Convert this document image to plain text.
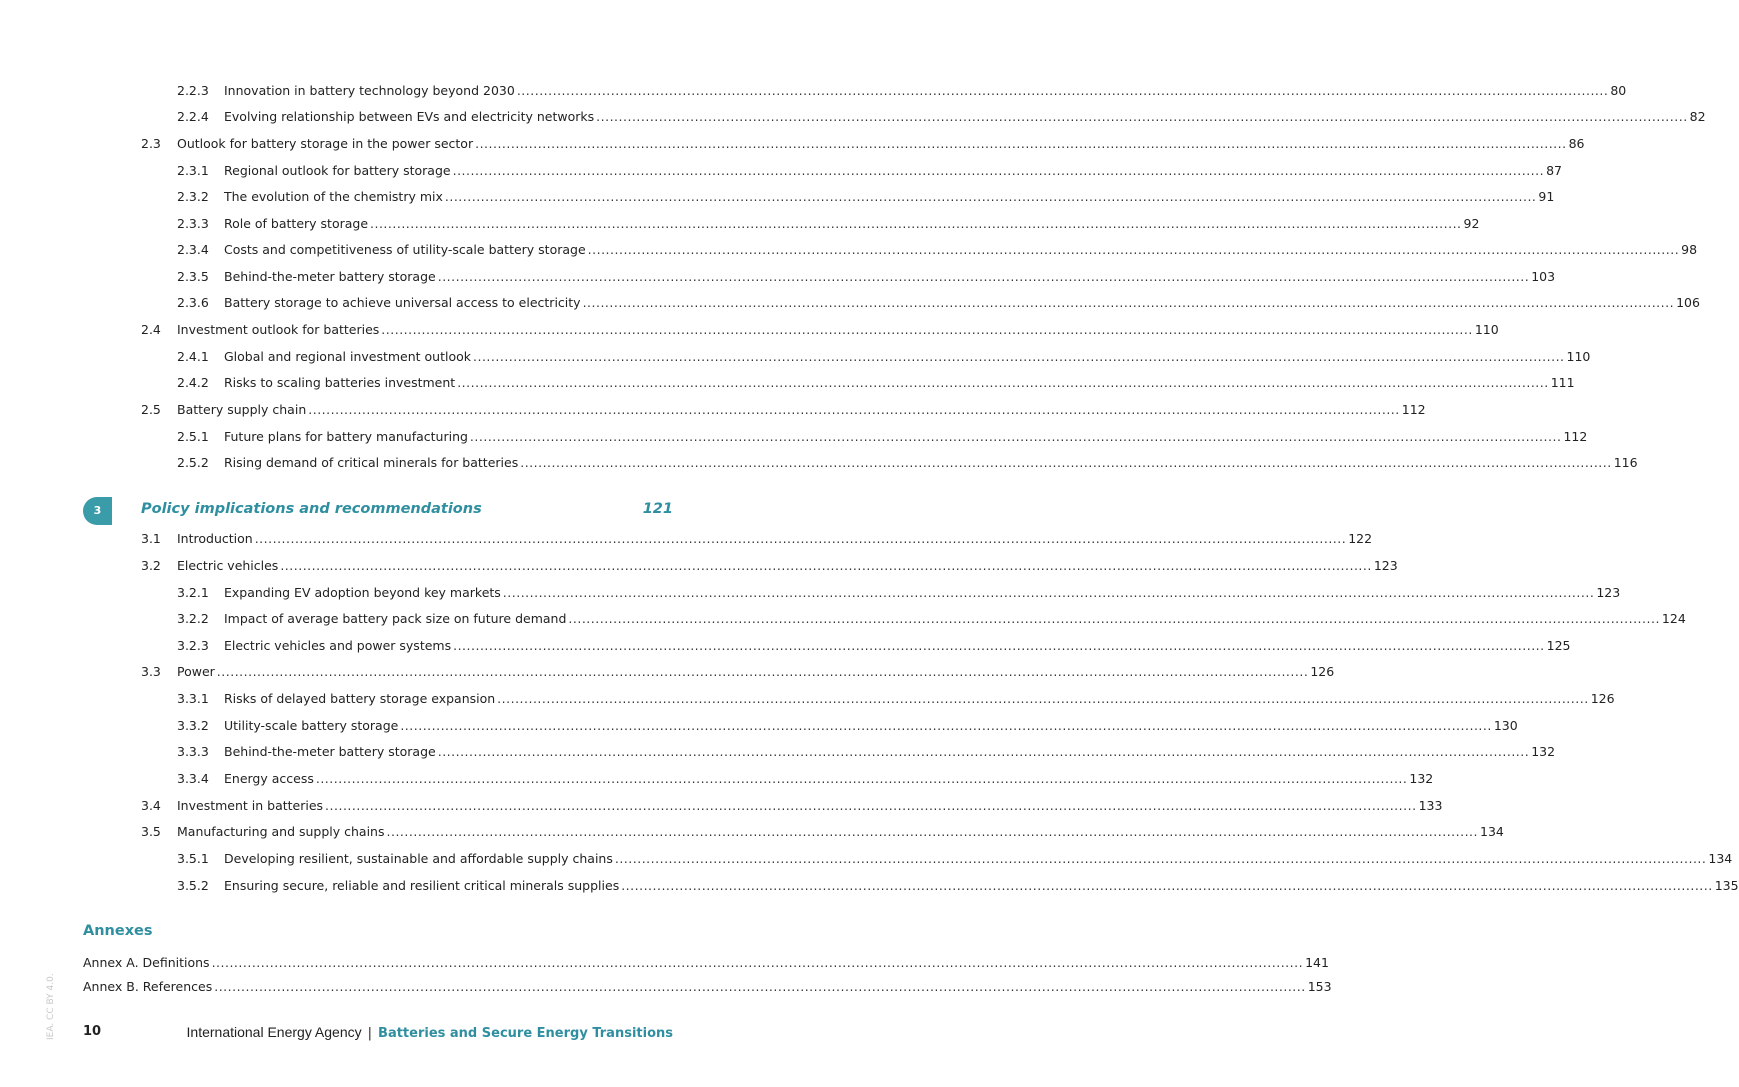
2.2.3	Innovation in battery technology beyond 2030 .....	80
2.2.4	Evolving relationship between EVs and electricity networks .....	82
2.3	Outlook for battery storage in the power sector .....	86
2.3.1	Regional outlook for battery storage .....	87
2.3.2	The evolution of the chemistry mix .....	91
2.3.3	Role of battery storage .....	92
2.3.4	Costs and competitiveness of utility-scale battery storage .....	98
2.3.5	Behind-the-meter battery storage .....	103
2.3.6	Battery storage to achieve universal access to electricity .....	106
2.4	Investment outlook for batteries .....	110
2.4.1	Global and regional investment outlook .....	110
2.4.2	Risks to scaling batteries investment .....	111
2.5	Battery supply chain .....	112
2.5.1	Future plans for battery manufacturing .....	112
2.5.2	Rising demand of critical minerals for batteries .....	116
3	Policy implications and recommendations	121
3.1	Introduction .....	122
3.2	Electric vehicles .....	123
3.2.1	Expanding EV adoption beyond key markets .....	123
3.2.2	Impact of average battery pack size on future demand .....	124
3.2.3	Electric vehicles and power systems .....	125
3.3	Power .....	126
3.3.1	Risks of delayed battery storage expansion .....	126
3.3.2	Utility-scale battery storage .....	130
3.3.3	Behind-the-meter battery storage .....	132
3.3.4	Energy access .....	132
3.4	Investment in batteries .....	133
3.5	Manufacturing and supply chains .....	134
3.5.1	Developing resilient, sustainable and affordable supply chains .....	134
3.5.2	Ensuring secure, reliable and resilient critical minerals supplies .....	135
Annexes
Annex A. Definitions .....	141
Annex B. References .....	153
IEA. CC BY 4.0. 10	International Energy Agency | Batteries and Secure Energy Transitions
